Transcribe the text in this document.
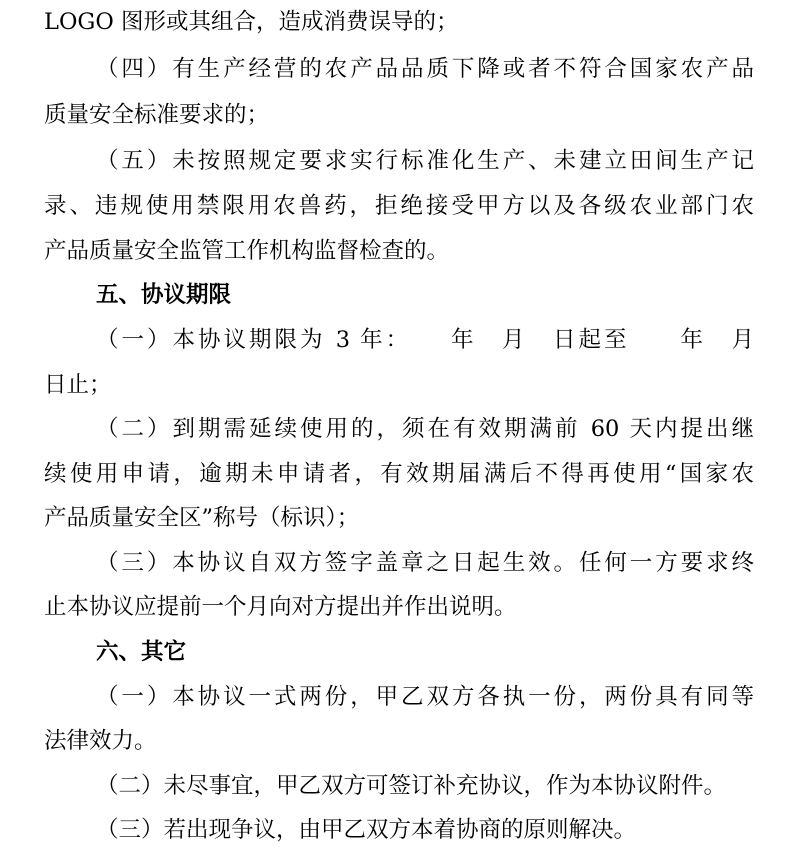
LOGO 图形或其组合，造成消费误导的；
（四）有生产经营的农产品品质下降或者不符合国家农产品
质量安全标准要求的；
（五）未按照规定要求实行标准化生产、未建立田间生产记
录、违规使用禁限用农兽药，拒绝接受甲方以及各级农业部门农
产品质量安全监管工作机构监督检查的。
五、协议期限
（一）本协议期限为 3 年：　　年　月　日起至　　年　月
日止；
（二）到期需延续使用的，须在有效期满前 60 天内提出继
续使用申请，逾期未申请者，有效期届满后不得再使用“国家农
产品质量安全区”称号（标识）；
（三）本协议自双方签字盖章之日起生效。任何一方要求终
止本协议应提前一个月向对方提出并作出说明。
六、其它
（一）本协议一式两份，甲乙双方各执一份，两份具有同等
法律效力。
（二）未尽事宜，甲乙双方可签订补充协议，作为本协议附件。
（三）若出现争议，由甲乙双方本着协商的原则解决。
